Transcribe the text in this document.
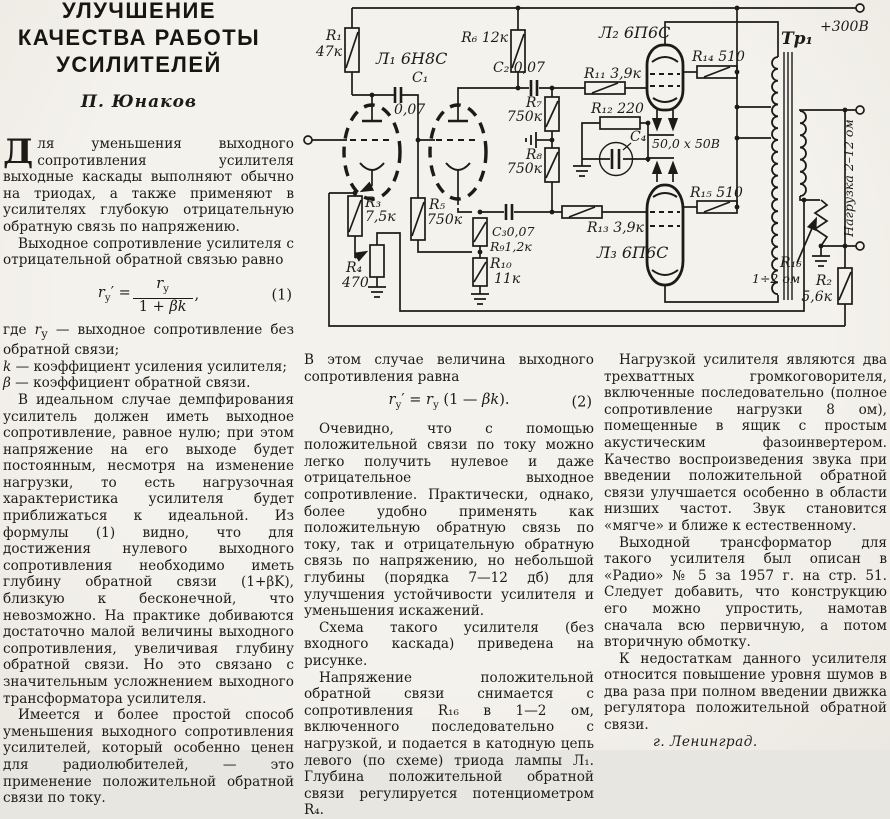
УЛУЧШЕНИЕ
КАЧЕСТВА РАБОТЫ
УСИЛИТЕЛЕЙ
П. Юнаков
R₁
47к Л₁ 6Н8С
C₁
0,07
R₆ 12к
C₂ 0,07
R₇
750к
R₈
750к
R₁₁ 3,9к
R₁₂ 220
C₄ 50,0 х 50В
Л₂ 6П6С
R₁₄ 510
Тр₁
+300В
R₁₅ 510
Л₃ 6П6С
R₁₃ 3,9к
C₃0,07
R₉1,2к
R₁₀
11к
R₅
750к
R₃
7,5к
R₄
470
R₁₆
1÷2 ом R₂
5,6к
Нагрузка 2–12 ом

Для уменьшения выходного сопротивления усилителя выходные каскады выполняют обычно на триодах, а также применяют в усилителях глубокую отрицательную обратную связь по напряжению.

Выходное сопротивление усилителя с отрицательной обратной связью равно

$r_у' = \frac{r_у}{1 + \beta k}$ ,	(1)

где $r_у$ — выходное сопротивление без обратной связи;

k — коэффициент усиления усилителя;

β — коэффициент обратной связи.

В идеальном случае демпфирования усилитель должен иметь выходное сопротивление, равное нулю; при этом напряжение на его выходе будет постоянным, несмотря на изменение нагрузки, то есть нагрузочная характеристика усилителя будет приближаться к идеальной. Из формулы (1) видно, что для достижения нулевого выходного сопротивления необходимо иметь глубину обратной связи (1+βK), близкую к бесконечной, что невозможно. На практике добиваются достаточно малой величины выходного сопротивления, увеличивая глубину обратной связи. Но это связано с значительным усложнением выходного трансформатора усилителя.

Имеется и более простой способ уменьшения выходного сопротивления усилителей, который особенно ценен для радиолюбителей, — это применение положительной обратной связи по току.

В этом случае величина выходного сопротивления равна

$r_у' = r_у$ (1 — βk).	(2)

Очевидно, что с помощью положительной связи по току можно легко получить нулевое и даже отрицательное выходное сопротивление. Практически, однако, более удобно применять как положительную обратную связь по току, так и отрицательную обратную связь по напряжению, но небольшой глубины (порядка 7—12 дб) для улучшения устойчивости усилителя и уменьшения искажений.

Схема такого усилителя (без входного каскада) приведена на рисунке.

Напряжение положительной обратной связи снимается с сопротивления R₁₆ в 1—2 ом, включенного последовательно с нагрузкой, и подается в катодную цепь левого (по схеме) триода лампы Л₁. Глубина положительной обратной связи регулируется потенциометром R₄.

Нагрузкой усилителя являются два трехваттных громкоговорителя, включенные последовательно (полное сопротивление нагрузки 8 ом), помещенные в ящик с простым акустическим фазоинвертером. Качество воспроизведения звука при введении положительной обратной связи улучшается особенно в области низших частот. Звук становится «мягче» и ближе к естественному.

Выходной трансформатор для такого усилителя был описан в «Радио» № 5 за 1957 г. на стр. 51. Следует добавить, что конструкцию его можно упростить, намотав сначала всю первичную, а потом вторичную обмотку.

К недостаткам данного усилителя относится повышение уровня шумов в два раза при полном введении движка регулятора положительной обратной связи.

г. Ленинград.
